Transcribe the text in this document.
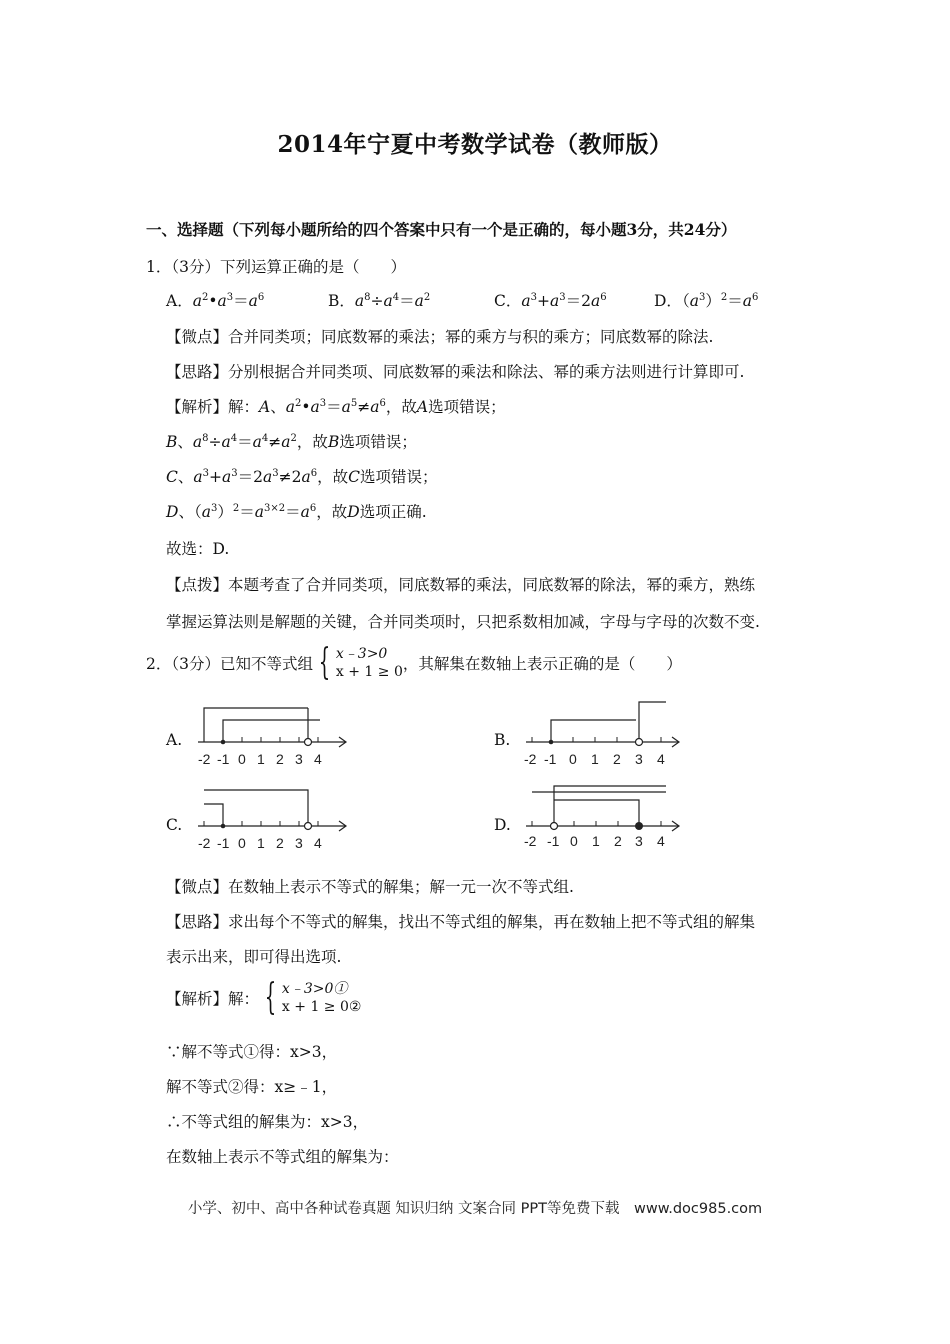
2014年宁夏中考数学试卷（教师版）
一、选择题（下列每小题所给的四个答案中只有一个是正确的，每小题3分，共24分）
1．（3分）下列运算正确的是（　　）
A．$a^2•a^3=a^6$	B．$a^8\div a^4=a^2$	C．$a^3+a^3=2a^6$	D．$(a^3)^2=a^6$
【微点】合并同类项；同底数幂的乘法；幂的乘方与积的乘方；同底数幂的除法.
【思路】分别根据合并同类项、同底数幂的乘法和除法、幂的乘方法则进行计算即可.
【解析】解：A、$a^2•a^3=a^5\ne a^6$，故A选项错误；
B、$a^8\div a^4=a^4\ne a^2$，故B选项错误；
C、$a^3+a^3=2a^3\ne 2a^6$，故C选项错误；
D、$(a^3)^2=a^{3\times 2}=a^6$，故D选项正确.
故选：D.
【点拨】本题考查了合并同类项，同底数幂的乘法，同底数幂的除法，幂的乘方，熟练
掌握运算法则是解题的关键，合并同类项时，只把系数相加减，字母与字母的次数不变.
2．（3分）已知不等式组 { x﹣3>0
x + 1 ≥ 0 ，其解集在数轴上表示正确的是（　　）
A.	B.
C.	D.
-2 -1 0 1 2 3 4	-2 -1 0 1 2 3 4
-2 -1 0 1 2 3 4	-2 -1 0 1 2 3 4
【微点】在数轴上表示不等式的解集；解一元一次不等式组.
【思路】求出每个不等式的解集，找出不等式组的解集，再在数轴上把不等式组的解集
表示出来，即可得出选项.
【解析】解： { x﹣3>0①
x + 1 ≥ 0②
∵解不等式①得：x>3，
解不等式②得：x≥﹣1，
∴不等式组的解集为：x>3，
在数轴上表示不等式组的解集为：
小学、初中、高中各种试卷真题 知识归纳 文案合同 PPT等免费下载　www.doc985.com
